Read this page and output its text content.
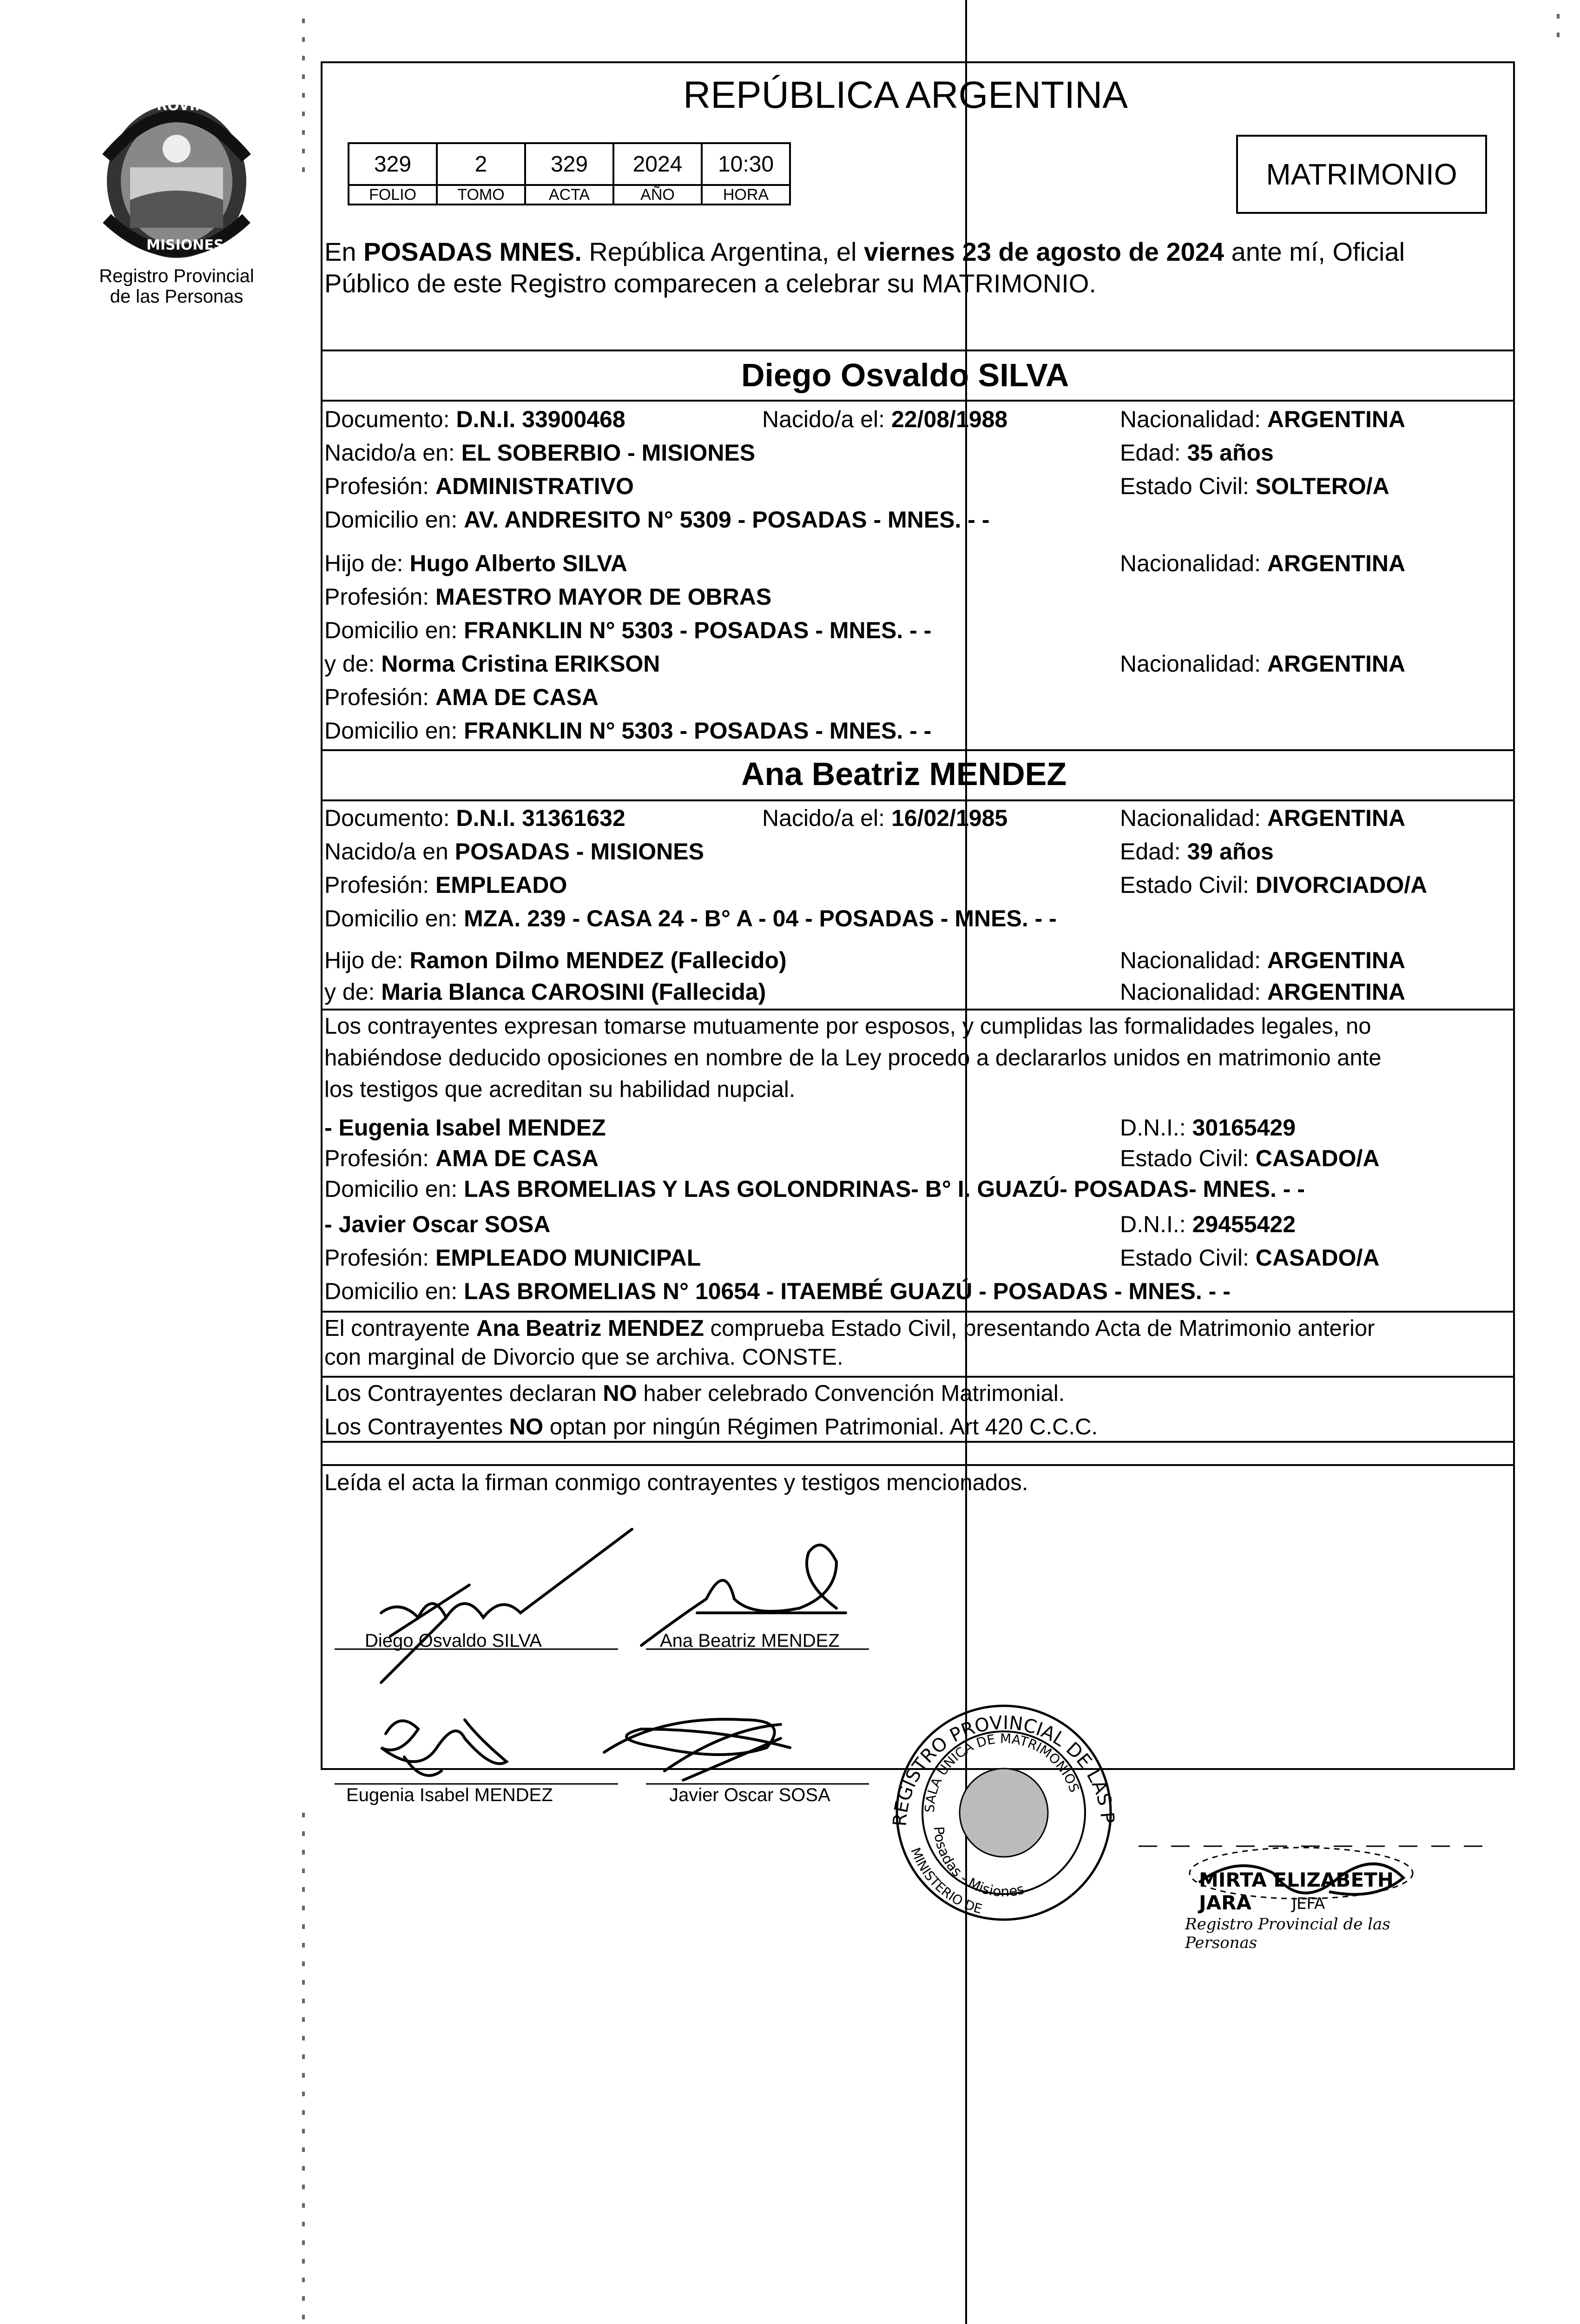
PROVINCIA
MISIONES
Registro Provincial
de las Personas
REPÚBLICA ARGENTINA
329	2	329	2024	10:30
FOLIO	TOMO	ACTA	AÑO	HORA
MATRIMONIO
En POSADAS MNES. República Argentina, el viernes 23 de agosto de 2024 ante mí, Oficial
Público de este Registro comparecen a celebrar su MATRIMONIO.
Diego Osvaldo SILVA
Documento: D.N.I. 33900468	Nacido/a el: 22/08/1988	Nacionalidad: ARGENTINA
Nacido/a en: EL SOBERBIO - MISIONES	Edad: 35 años
Profesión: ADMINISTRATIVO	Estado Civil: SOLTERO/A
Domicilio en: AV. ANDRESITO N° 5309 - POSADAS - MNES. - -
Hijo de: Hugo Alberto SILVA	Nacionalidad: ARGENTINA
Profesión: MAESTRO MAYOR DE OBRAS
Domicilio en: FRANKLIN N° 5303 - POSADAS - MNES. - -
y de: Norma Cristina ERIKSON	Nacionalidad: ARGENTINA
Profesión: AMA DE CASA
Domicilio en: FRANKLIN N° 5303 - POSADAS - MNES. - -
Ana Beatriz MENDEZ
Documento: D.N.I. 31361632	Nacido/a el: 16/02/1985	Nacionalidad: ARGENTINA
Nacido/a en POSADAS - MISIONES	Edad: 39 años
Profesión: EMPLEADO	Estado Civil: DIVORCIADO/A
Domicilio en: MZA. 239 - CASA 24 - B° A - 04 - POSADAS - MNES. - -
Hijo de: Ramon Dilmo MENDEZ (Fallecido)	Nacionalidad: ARGENTINA
y de: Maria Blanca CAROSINI (Fallecida)	Nacionalidad: ARGENTINA
Los contrayentes expresan tomarse mutuamente por esposos, y cumplidas las formalidades legales, no
habiéndose deducido oposiciones en nombre de la Ley procedo a declararlos unidos en matrimonio ante
los testigos que acreditan su habilidad nupcial.
- Eugenia Isabel MENDEZ	D.N.I.: 30165429
Profesión: AMA DE CASA	Estado Civil: CASADO/A
Domicilio en: LAS BROMELIAS Y LAS GOLONDRINAS- B° I. GUAZÚ- POSADAS- MNES. - -
- Javier Oscar SOSA	D.N.I.: 29455422
Profesión: EMPLEADO MUNICIPAL	Estado Civil: CASADO/A
Domicilio en: LAS BROMELIAS N° 10654 - ITAEMBÉ GUAZÚ - POSADAS - MNES. - -
El contrayente Ana Beatriz MENDEZ comprueba Estado Civil, presentando Acta de Matrimonio anterior
con marginal de Divorcio que se archiva. CONSTE.
Los Contrayentes declaran NO haber celebrado Convención Matrimonial.
Los Contrayentes NO optan por ningún Régimen Patrimonial. Art 420 C.C.C.
Leída el acta la firman conmigo contrayentes y testigos mencionados.
Diego Osvaldo SILVA	Ana Beatriz MENDEZ
Eugenia Isabel MENDEZ	Javier Oscar SOSA
REGISTRO PROVINCIAL DE LAS P
SALA ÚNICA DE MATRIMONIOS
Posadas - Misiones
MINISTERIO DE
MIRTA ELIZABETH JARA	JEFA
Registro Provincial de las Personas
